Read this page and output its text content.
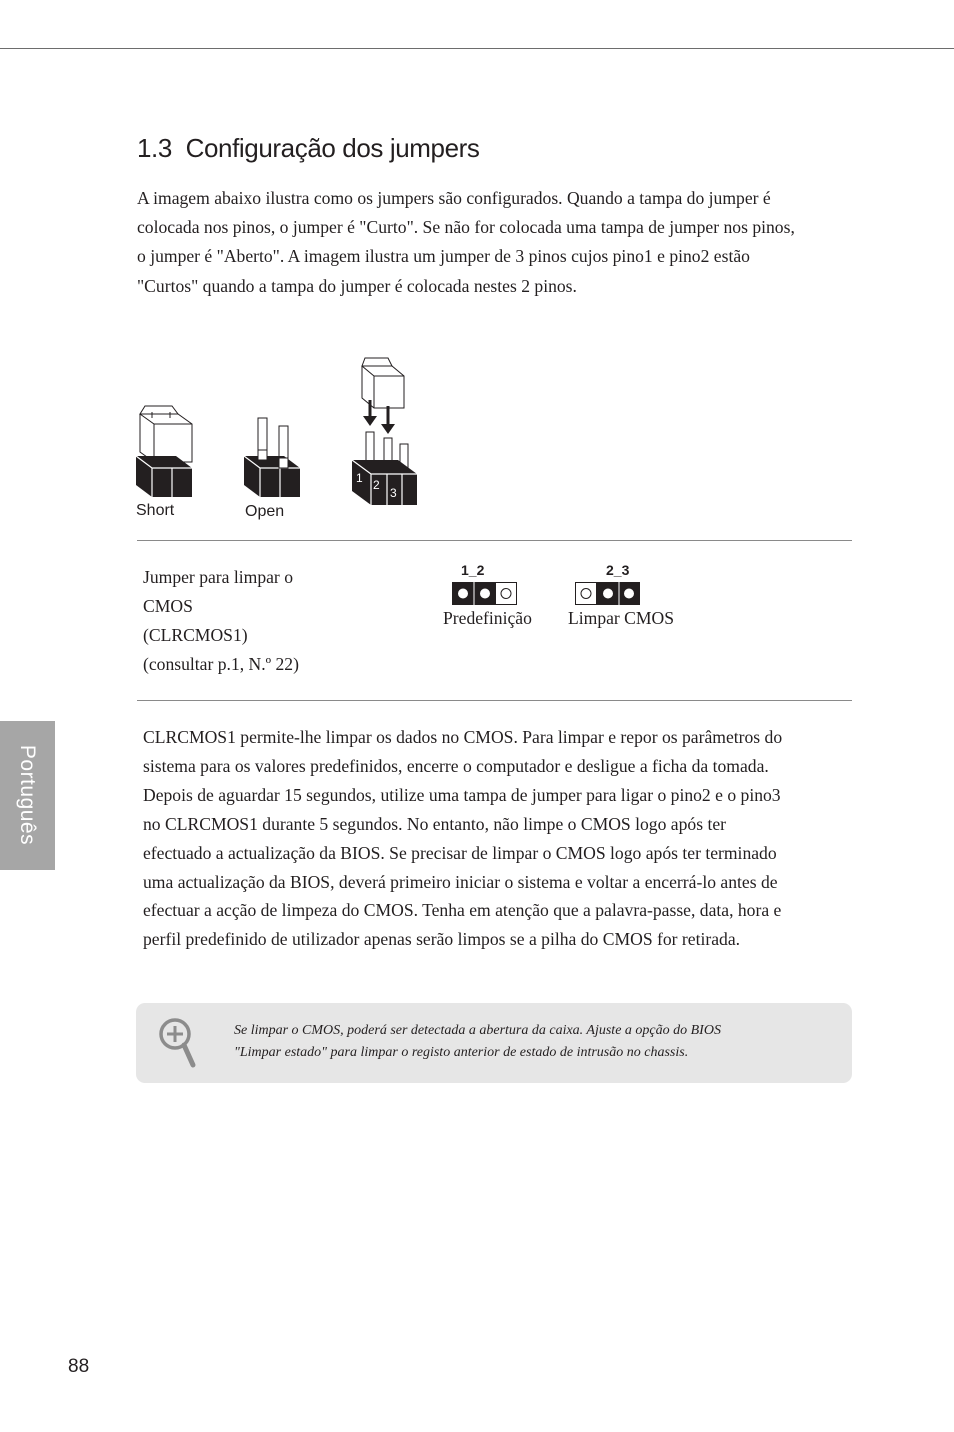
1.3 Configuração dos jumpers

A imagem abaixo ilustra como os jumpers são configurados. Quando a tampa do jumper é colocada nos pinos, o jumper é "Curto". Se não for colocada uma tampa de jumper nos pinos, o jumper é "Aberto". A imagem ilustra um jumper de 3 pinos cujos pino1 e pino2 estão "Curtos" quando a tampa do jumper é colocada nestes 2 pinos.

1 2
3
Short	Open
Jumper para limpar o
CMOS
(CLRCMOS1)
(consultar p.1, N.º 22)
1_2
Predefinição
2_3
Limpar CMOS

CLRCMOS1 permite-lhe limpar os dados no CMOS. Para limpar e repor os parâmetros do sistema para os valores predefinidos, encerre o computador e desligue a ficha da tomada. Depois de aguardar 15 segundos, utilize uma tampa de jumper para ligar o pino2 e o pino3 no CLRCMOS1 durante 5 segundos. No entanto, não limpe o CMOS logo após ter efectuado a actualização da BIOS. Se precisar de limpar o CMOS logo após ter terminado uma actualização da BIOS, deverá primeiro iniciar o sistema e voltar a encerrá-lo antes de efectuar a acção de limpeza do CMOS. Tenha em atenção que a palavra-passe, data, hora e perfil predefinido de utilizador apenas serão limpos se a pilha do CMOS for retirada.

Português
Se limpar o CMOS, poderá ser detectada a abertura da caixa. Ajuste a opção do BIOS
"Limpar estado" para limpar o registo anterior de estado de intrusão no chassis.
88
